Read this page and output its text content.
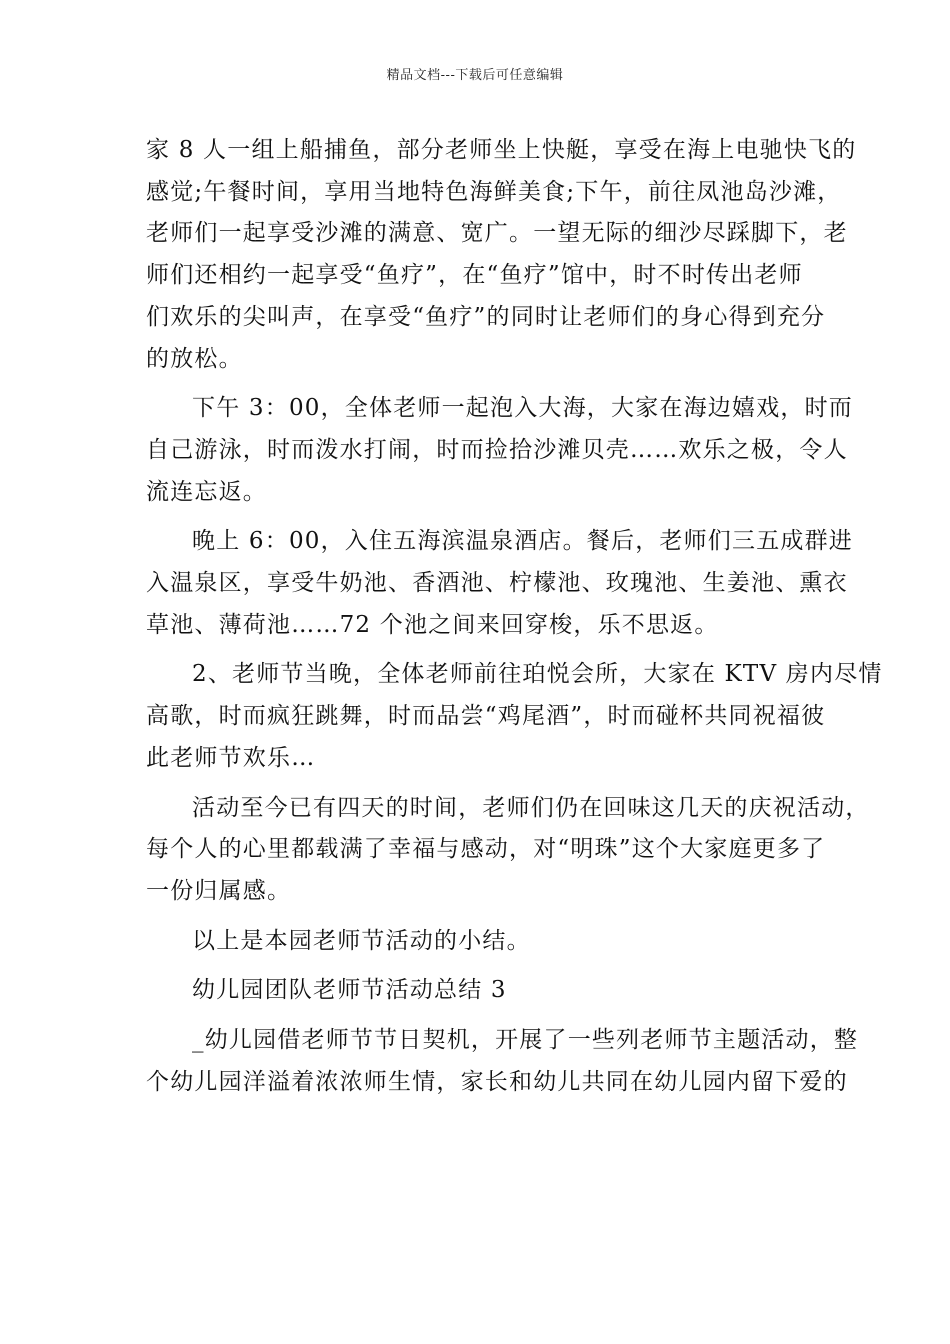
精品文档---下载后可任意编辑
家 8 人一组上船捕鱼，部分老师坐上快艇，享受在海上电驰快飞的
感觉;午餐时间，享用当地特色海鲜美食;下午，前往凤池岛沙滩，
老师们一起享受沙滩的满意、宽广。一望无际的细沙尽踩脚下，老
师们还相约一起享受“鱼疗”，在“鱼疗”馆中，时不时传出老师
们欢乐的尖叫声，在享受“鱼疗”的同时让老师们的身心得到充分
的放松。
下午 3：00，全体老师一起泡入大海，大家在海边嬉戏，时而
自己游泳，时而泼水打闹，时而捡拾沙滩贝壳……欢乐之极，令人
流连忘返。
晚上 6：00，入住五海滨温泉酒店。餐后，老师们三五成群进
入温泉区，享受牛奶池、香酒池、柠檬池、玫瑰池、生姜池、熏衣
草池、薄荷池……72 个池之间来回穿梭，乐不思返。
2、老师节当晚，全体老师前往珀悦会所，大家在 KTV 房内尽情
高歌，时而疯狂跳舞，时而品尝“鸡尾酒”，时而碰杯共同祝福彼
此老师节欢乐…
活动至今已有四天的时间，老师们仍在回味这几天的庆祝活动，
每个人的心里都载满了幸福与感动，对“明珠”这个大家庭更多了
一份归属感。
以上是本园老师节活动的小结。
幼儿园团队老师节活动总结 3
_幼儿园借老师节节日契机，开展了一些列老师节主题活动，整
个幼儿园洋溢着浓浓师生情，家长和幼儿共同在幼儿园内留下爱的
